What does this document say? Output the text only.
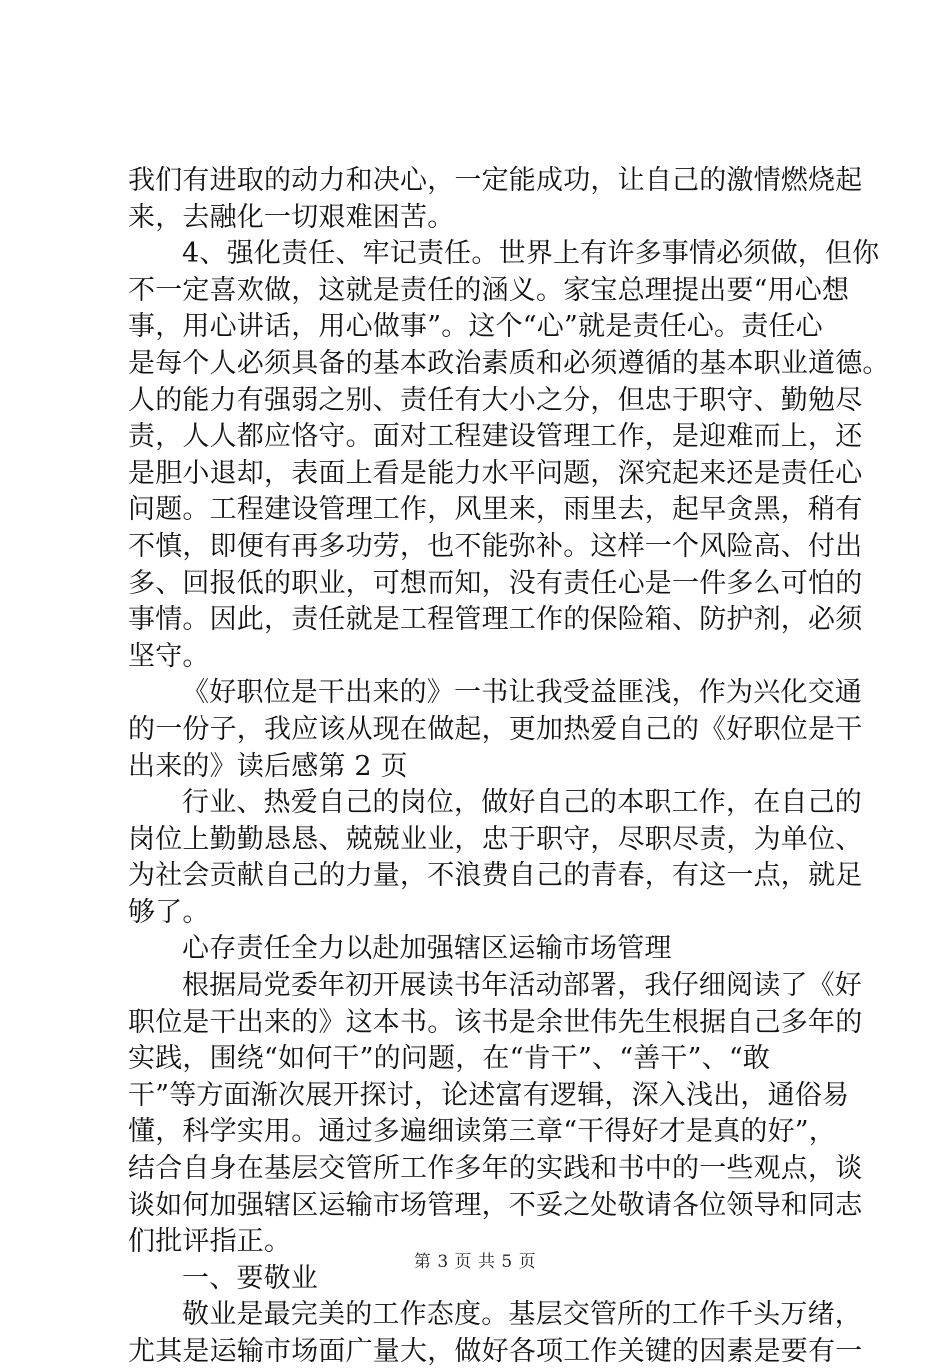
我们有进取的动力和决心，一定能成功，让自己的激情燃烧起
来，去融化一切艰难困苦。
4、强化责任、牢记责任。世界上有许多事情必须做，但你
不一定喜欢做，这就是责任的涵义。家宝总理提出要“用心想
事，用心讲话，用心做事”。这个“心”就是责任心。责任心
是每个人必须具备的基本政治素质和必须遵循的基本职业道德。
人的能力有强弱之别、责任有大小之分，但忠于职守、勤勉尽
责，人人都应恪守。面对工程建设管理工作，是迎难而上，还
是胆小退却，表面上看是能力水平问题，深究起来还是责任心
问题。工程建设管理工作，风里来，雨里去，起早贪黑，稍有
不慎，即便有再多功劳，也不能弥补。这样一个风险高、付出
多、回报低的职业，可想而知，没有责任心是一件多么可怕的
事情。因此，责任就是工程管理工作的保险箱、防护剂，必须
坚守。
《好职位是干出来的》一书让我受益匪浅，作为兴化交通
的一份子，我应该从现在做起，更加热爱自己的《好职位是干
出来的》读后感第 2 页
行业、热爱自己的岗位，做好自己的本职工作，在自己的
岗位上勤勤恳恳、兢兢业业，忠于职守，尽职尽责，为单位、
为社会贡献自己的力量，不浪费自己的青春，有这一点，就足
够了。
心存责任全力以赴加强辖区运输市场管理
根据局党委年初开展读书年活动部署，我仔细阅读了《好
职位是干出来的》这本书。该书是余世伟先生根据自己多年的
实践，围绕“如何干”的问题，在“肯干”、“善干”、“敢
干”等方面渐次展开探讨，论述富有逻辑，深入浅出，通俗易
懂，科学实用。通过多遍细读第三章“干得好才是真的好”，
结合自身在基层交管所工作多年的实践和书中的一些观点，谈
谈如何加强辖区运输市场管理，不妥之处敬请各位领导和同志
们批评指正。
一、要敬业
敬业是最完美的工作态度。基层交管所的工作千头万绪，
尤其是运输市场面广量大，做好各项工作关键的因素是要有一
第 3 页 共 5 页
